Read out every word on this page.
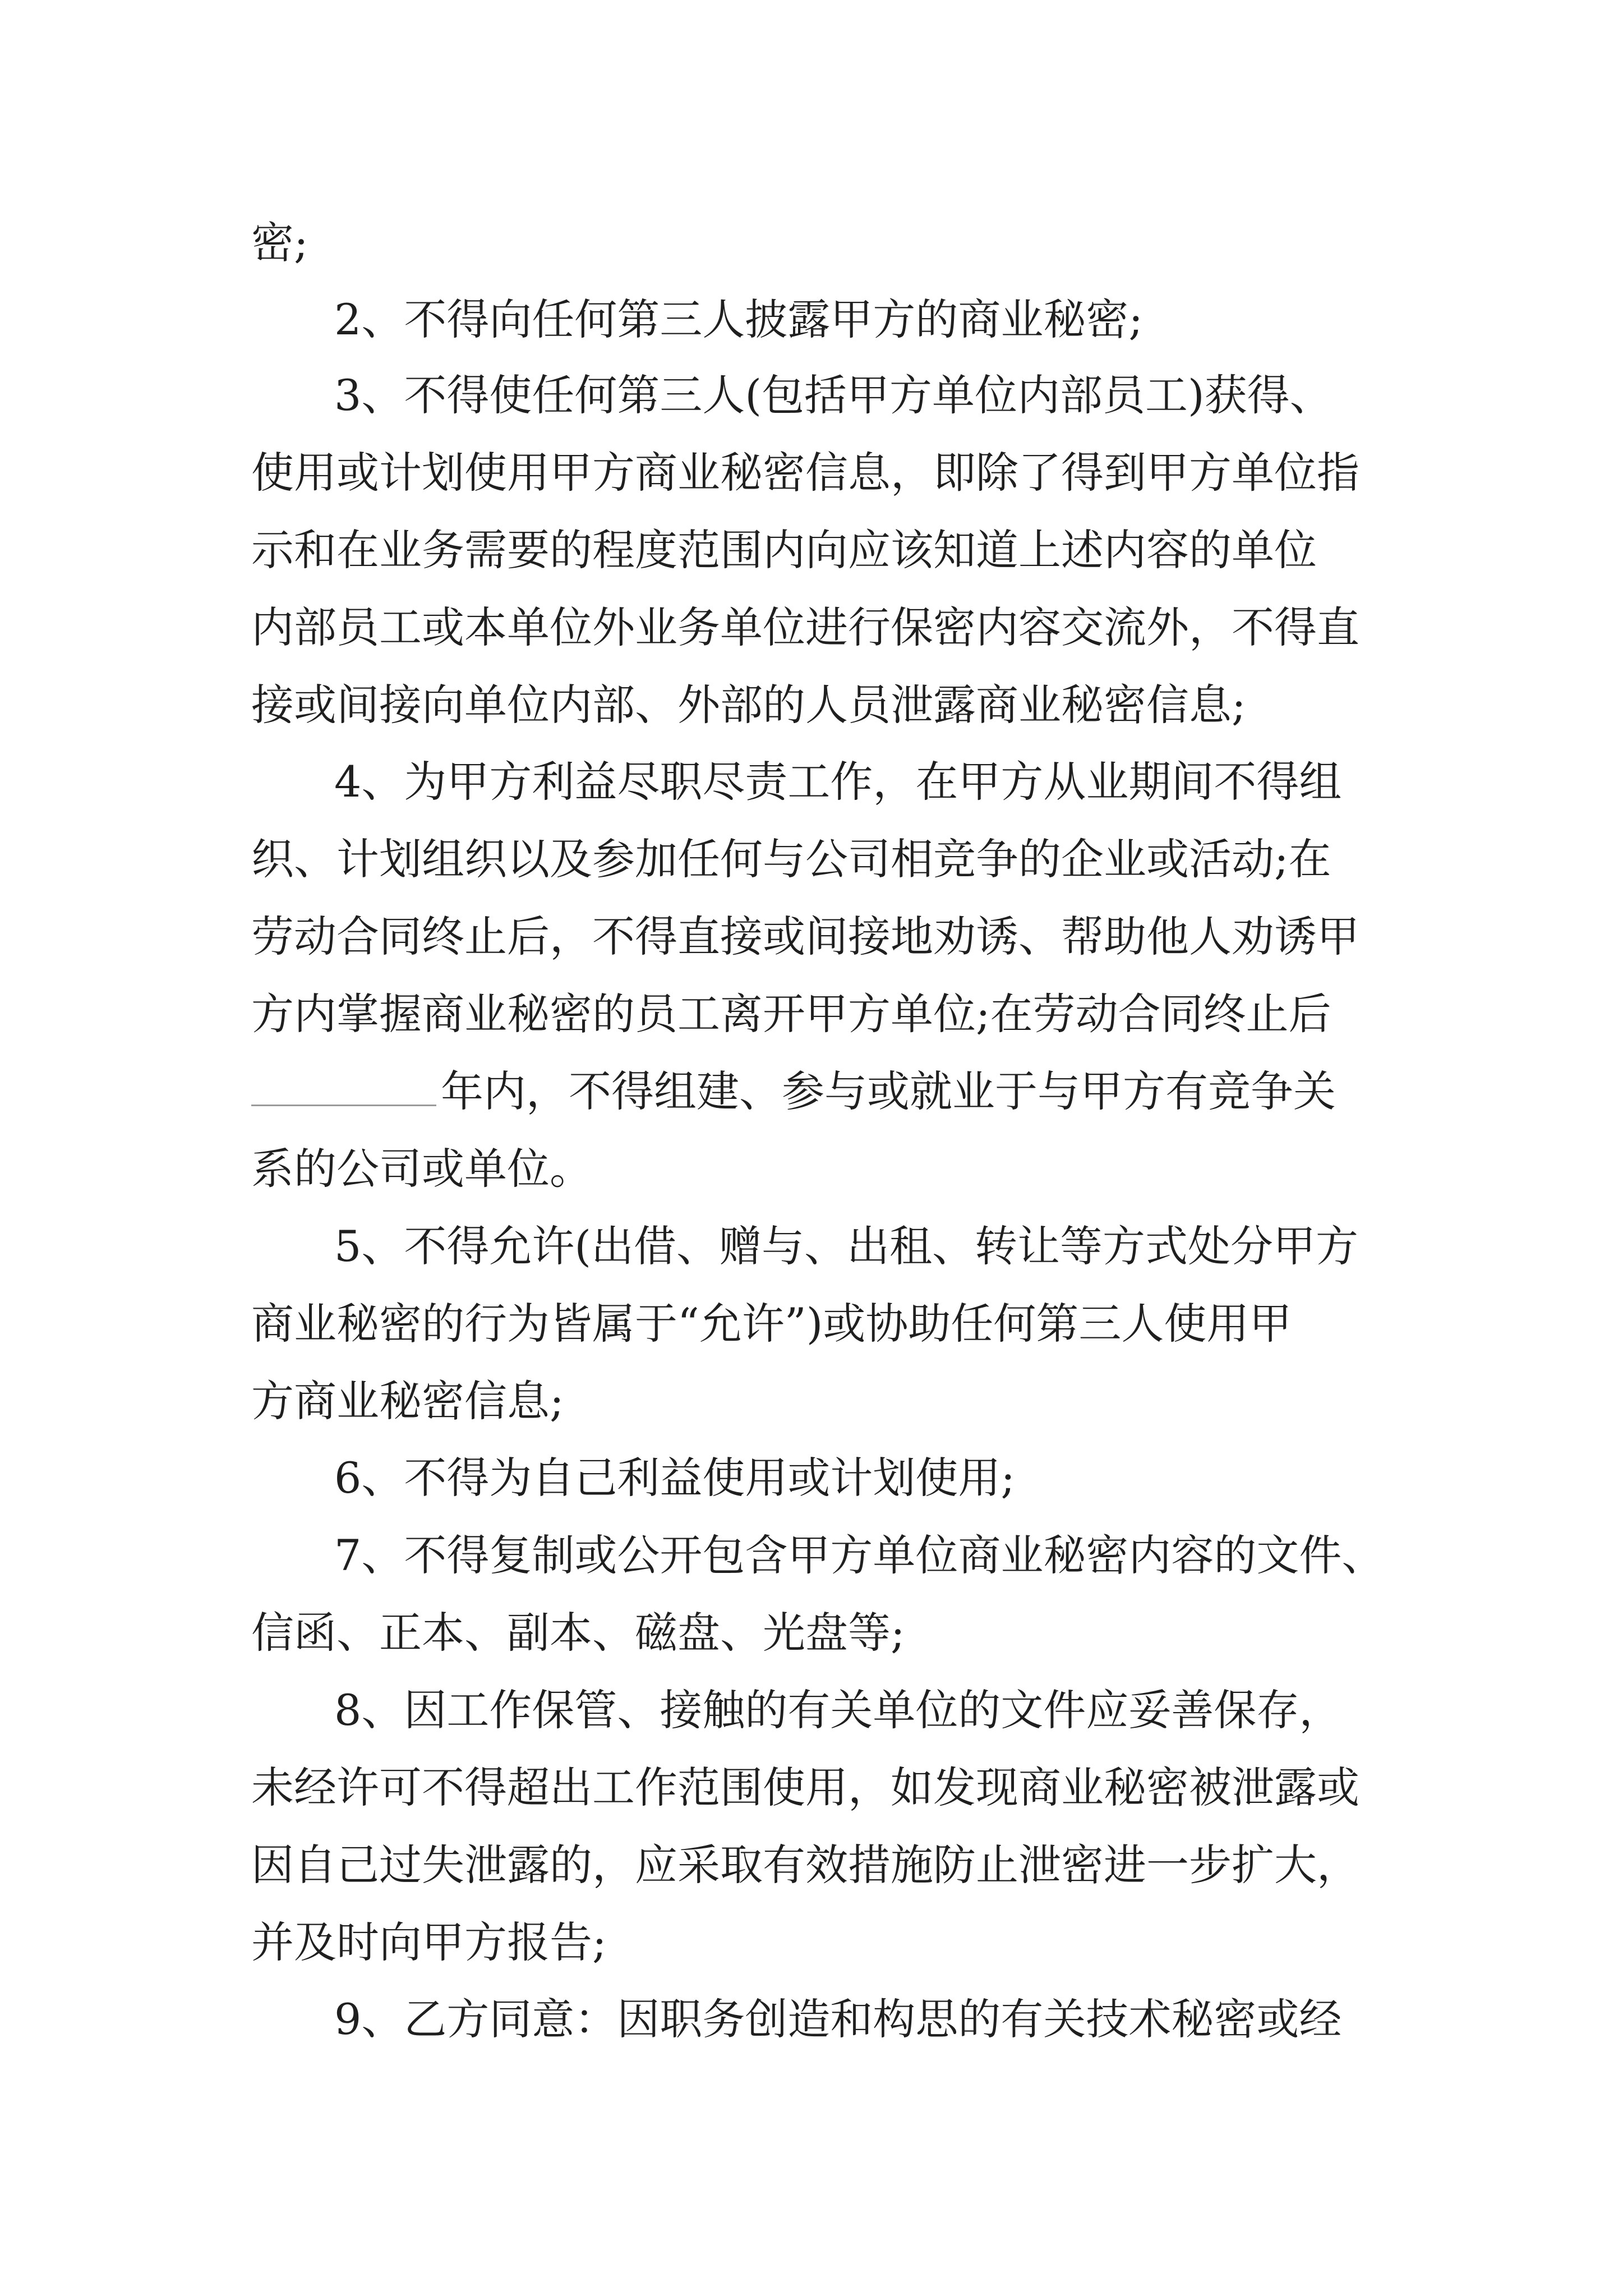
密;
2、不得向任何第三人披露甲方的商业秘密;
3、不得使任何第三人(包括甲方单位内部员工)获得、
使用或计划使用甲方商业秘密信息，即除了得到甲方单位指
示和在业务需要的程度范围内向应该知道上述内容的单位
内部员工或本单位外业务单位进行保密内容交流外，不得直
接或间接向单位内部、外部的人员泄露商业秘密信息;
4、为甲方利益尽职尽责工作，在甲方从业期间不得组
织、计划组织以及参加任何与公司相竞争的企业或活动;在
劳动合同终止后，不得直接或间接地劝诱、帮助他人劝诱甲
方内掌握商业秘密的员工离开甲方单位;在劳动合同终止后
年内，不得组建、参与或就业于与甲方有竞争关
系的公司或单位。
5、不得允许(出借、赠与、出租、转让等方式处分甲方
商业秘密的行为皆属于“允许”)或协助任何第三人使用甲
方商业秘密信息;
6、不得为自己利益使用或计划使用;
7、不得复制或公开包含甲方单位商业秘密内容的文件、
信函、正本、副本、磁盘、光盘等;
8、因工作保管、接触的有关单位的文件应妥善保存，
未经许可不得超出工作范围使用，如发现商业秘密被泄露或
因自己过失泄露的，应采取有效措施防止泄密进一步扩大，
并及时向甲方报告;
9、乙方同意：因职务创造和构思的有关技术秘密或经
